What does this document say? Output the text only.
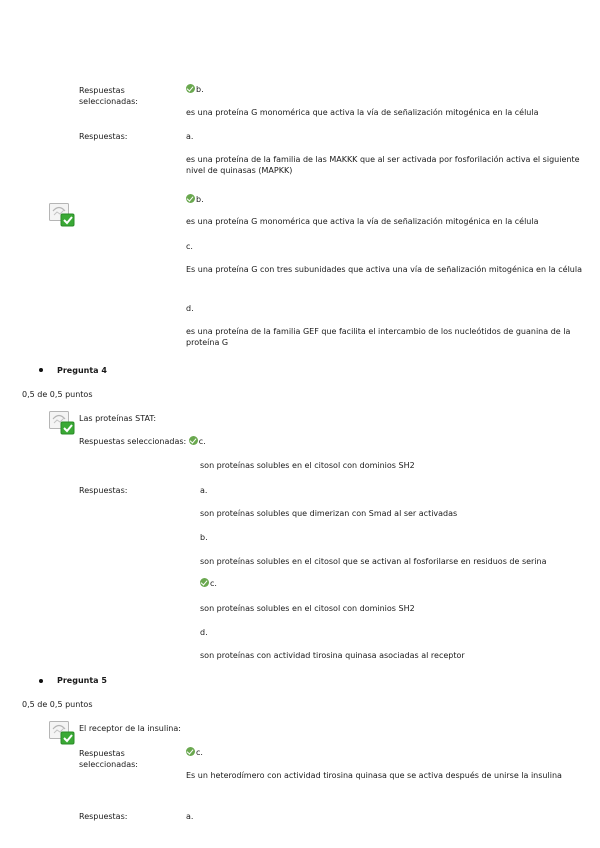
Respuestas seleccionadas:
b.
es una proteína G monomérica que activa la vía de señalización mitogénica en la célula
Respuestas:	a.
es una proteína de la familia de las MAKKK que al ser activada por fosforilación activa el siguiente nivel de quinasas (MAPKK)
b.
es una proteína G monomérica que activa la vía de señalización mitogénica en la célula
c.
Es una proteína G con tres subunidades que activa una vía de señalización mitogénica en la célula
d.
es una proteína de la familia GEF que facilita el intercambio de los nucleótidos de guanina de la proteína G
Pregunta 4
0,5 de 0,5 puntos
Las proteínas STAT:
Respuestas seleccionadas: c.
son proteínas solubles en el citosol con dominios SH2
Respuestas:	a.
son proteínas solubles que dimerizan con Smad al ser activadas
b.
son proteínas solubles en el citosol que se activan al fosforilarse en residuos de serina
c.
son proteínas solubles en el citosol con dominios SH2
d.
son proteínas con actividad tirosina quinasa asociadas al receptor
Pregunta 5
0,5 de 0,5 puntos
El receptor de la insulina:
Respuestas seleccionadas:
c.
Es un heterodímero con actividad tirosina quinasa que se activa después de unirse la insulina
Respuestas:	a.
